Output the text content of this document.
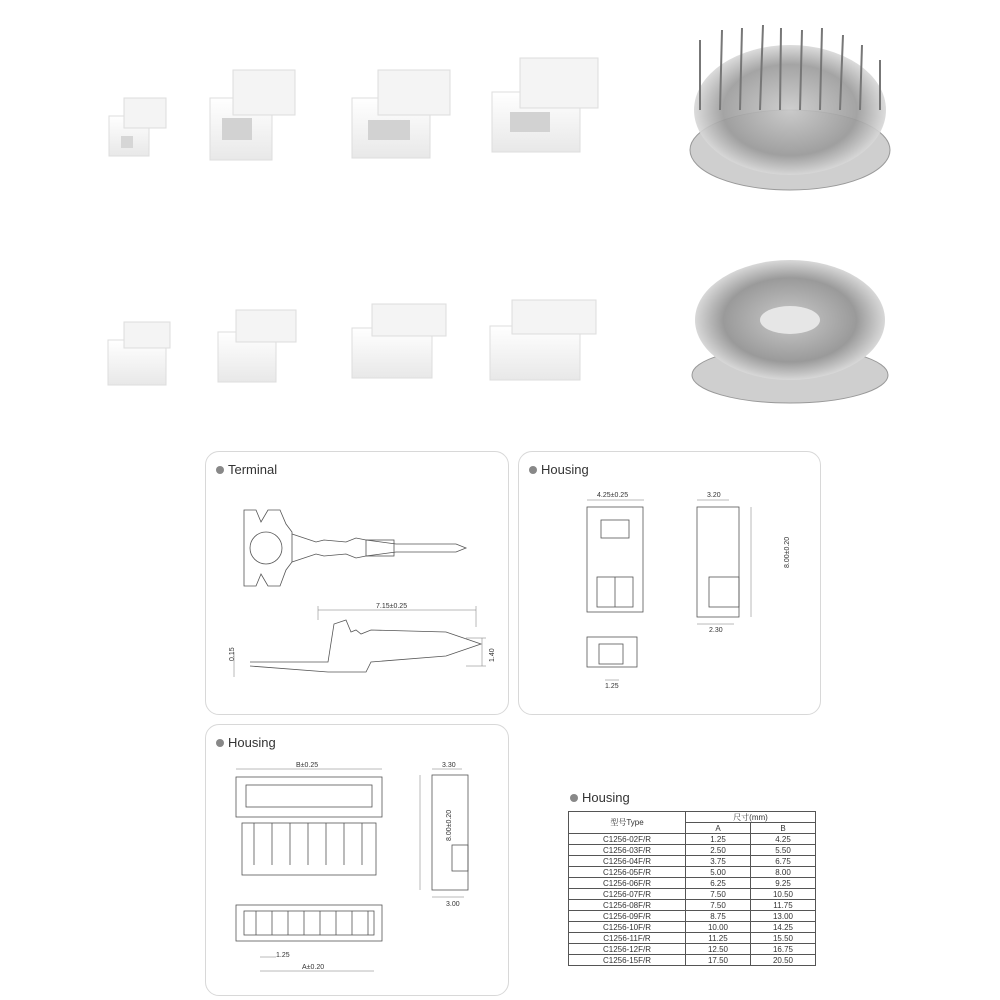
Terminal
7.15±0.25
0.15	1.40
Housing
4.25±0.25	3.20
8.00±0.20
2.30
1.25
Housing
B±0.25	3.30
8.00±0.20
3.00
1.25
A±0.20
Housing
型号Type	尺寸(mm)	
	A	B
C1256-02F/R	1.25	4.25
C1256-03F/R	2.50	5.50
C1256-04F/R	3.75	6.75
C1256-05F/R	5.00	8.00
C1256-06F/R	6.25	9.25
C1256-07F/R	7.50	10.50
C1256-08F/R	7.50	11.75
C1256-09F/R	8.75	13.00
C1256-10F/R	10.00	14.25
C1256-11F/R	11.25	15.50
C1256-12F/R	12.50	16.75
C1256-15F/R	17.50	20.50
